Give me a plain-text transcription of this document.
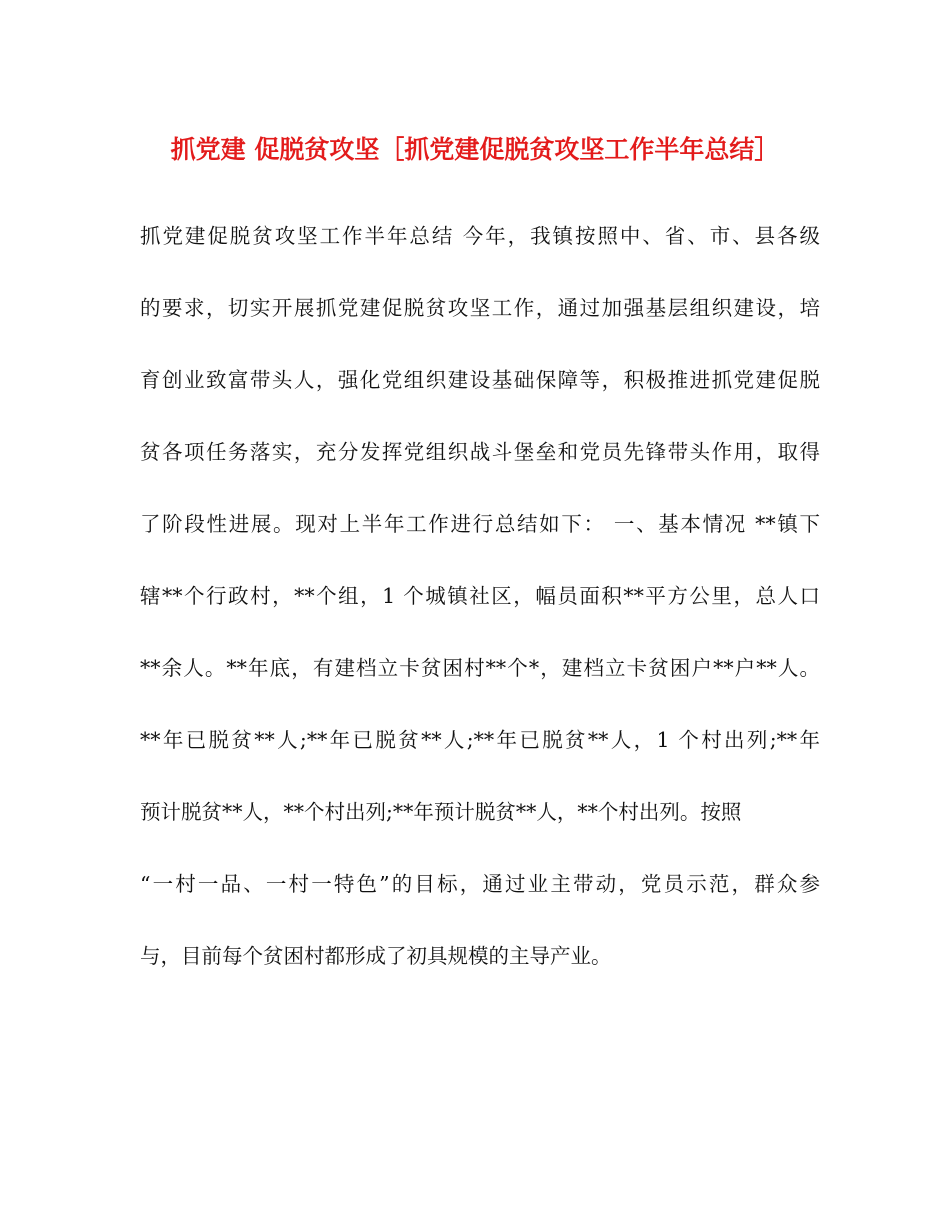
抓党建 促脱贫攻坚［抓党建促脱贫攻坚工作半年总结］
抓党建促脱贫攻坚工作半年总结 今年，我镇按照中、省、市、县各级
的要求，切实开展抓党建促脱贫攻坚工作，通过加强基层组织建设，培
育创业致富带头人，强化党组织建设基础保障等，积极推进抓党建促脱
贫各项任务落实，充分发挥党组织战斗堡垒和党员先锋带头作用，取得
了阶段性进展。现对上半年工作进行总结如下： 一、基本情况 **镇下
辖**个行政村，**个组，1 个城镇社区，幅员面积**平方公里，总人口
**余人。**年底，有建档立卡贫困村**个*，建档立卡贫困户**户**人。
**年已脱贫**人;**年已脱贫**人;**年已脱贫**人，1 个村出列;**年
预计脱贫**人，**个村出列;**年预计脱贫**人，**个村出列。按照
“一村一品、一村一特色”的目标，通过业主带动，党员示范，群众参
与，目前每个贫困村都形成了初具规模的主导产业。
